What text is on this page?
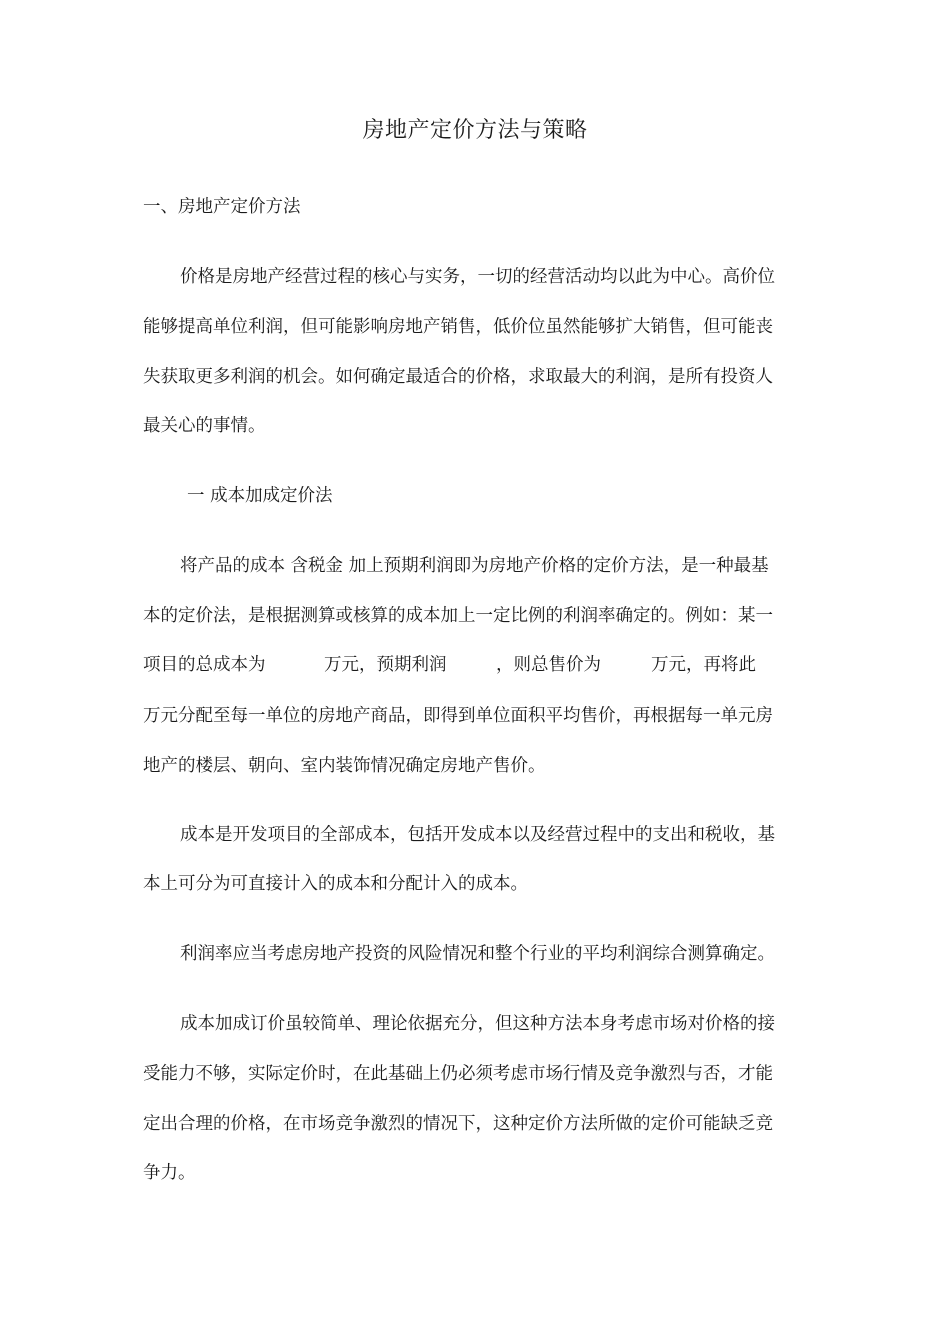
房地产定价方法与策略
一、房地产定价方法
价格是房地产经营过程的核心与实务，一切的经营活动均以此为中心。高价位
能够提高单位利润，但可能影响房地产销售，低价位虽然能够扩大销售，但可能丧
失获取更多利润的机会。如何确定最适合的价格，求取最大的利润，是所有投资人
最关心的事情。
一 成本加成定价法
将产品的成本 含税金 加上预期利润即为房地产价格的定价方法，是一种最基
本的定价法，是根据测算或核算的成本加上一定比例的利润率确定的。例如：某一
项目的总成本为	万元，预期利润	，则总售价为	万元，再将此
万元分配至每一单位的房地产商品，即得到单位面积平均售价，再根据每一单元房
地产的楼层、朝向、室内装饰情况确定房地产售价。
成本是开发项目的全部成本，包括开发成本以及经营过程中的支出和税收，基
本上可分为可直接计入的成本和分配计入的成本。
利润率应当考虑房地产投资的风险情况和整个行业的平均利润综合测算确定。
成本加成订价虽较简单、理论依据充分，但这种方法本身考虑市场对价格的接
受能力不够，实际定价时，在此基础上仍必须考虑市场行情及竞争激烈与否，才能
定出合理的价格，在市场竞争激烈的情况下，这种定价方法所做的定价可能缺乏竞
争力。
